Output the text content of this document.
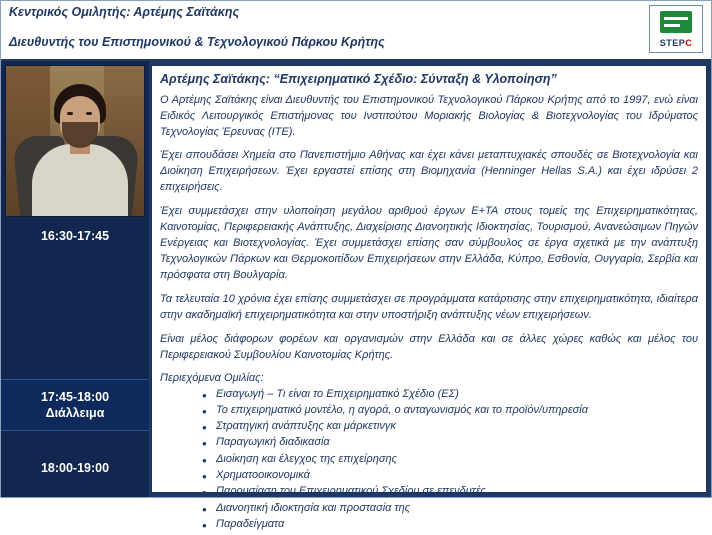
Κεντρικός Ομιλητής: Αρτέμης Σαϊτάκης
Διευθυντής του Επιστημονικού & Τεχνολογικού Πάρκου Κρήτης	STEPC
16:30-17:45
17:45-18:00
Διάλλειμα
18:00-19:00
Αρτέμης Σαϊτάκης: “Επιχειρηματικό Σχέδιο: Σύνταξη & Υλοποίηση”

Ο Αρτέμης Σαϊτάκης είναι Διευθυντής του Επιστημονικού Τεχνολογικού Πάρκου Κρήτης από το 1997, ενώ είναι Ειδικός Λειτουργικός Επιστήμονας του Ινστιτούτου Μοριακής Βιολογίας & Βιοτεχνολογίας του Ιδρύματος Τεχνολογίας Έρευνας (ΙΤΕ).

Έχει σπουδάσει Χημεία στο Πανεπιστήμιο Αθήνας και έχει κάνει μεταπτυχιακές σπουδές σε Βιοτεχνολογία και Διοίκηση Επιχειρήσεων. Έχει εργαστεί επίσης στη Βιομηχανία (Henninger Hellas S.A.) και έχει ιδρύσει 2 επιχειρήσεις.

Έχει συμμετάσχει στην υλοποίηση μεγάλου αριθμού έργων Ε+ΤΑ στους τομείς της Επιχειρηματικότητας, Καινοτομίας, Περιφερειακής Ανάπτυξης, Διαχείρισης Διανοητικής Ιδιοκτησίας, Τουρισμού, Ανανεώσιμων Πηγών Ενέργειας και Βιοτεχνολογίας. Έχει συμμετάσχει επίσης σαν σύμβουλος σε έργα σχετικά με την ανάπτυξη Τεχνολογικών Πάρκων και Θερμοκοιτίδων Επιχειρήσεων στην Ελλάδα, Κύπρο, Εσθονία, Ουγγαρία, Σερβία και πρόσφατα στη Βουλγαρία.

Τα τελευταία 10 χρόνια έχει επίσης συμμετάσχει σε προγράμματα κατάρτισης στην επιχειρηματικότητα, ιδιαίτερα στην ακαδημαϊκή επιχειρηματικότητα και στην υποστήριξη ανάπτυξης νέων επιχειρήσεων.

Είναι μέλος διάφορων φορέων και οργανισμών στην Ελλάδα και σε άλλες χώρες καθώς και μέλος του Περιφερειακού Συμβουλίου Καινοτομίας Κρήτης.

Περιεχόμενα Ομιλίας:

• Εισαγωγή – Τι είναι το Επιχειρηματικό Σχέδιο (ΕΣ)
• Το επιχειρηματικό μοντέλο, η αγορά, ο ανταγωνισμός και το προϊόν/υπηρεσία
• Στρατηγική ανάπτυξης και μάρκετινγκ
• Παραγωγική διαδικασία
• Διοίκηση και έλεγχος της επιχείρησης
• Χρηματοοικονομικά
• Παρουσίαση του Επιχειρηματικού Σχεδίου σε επενδυτές
• Διανοητική ιδιοκτησία και προστασία της
• Παραδείγματα
